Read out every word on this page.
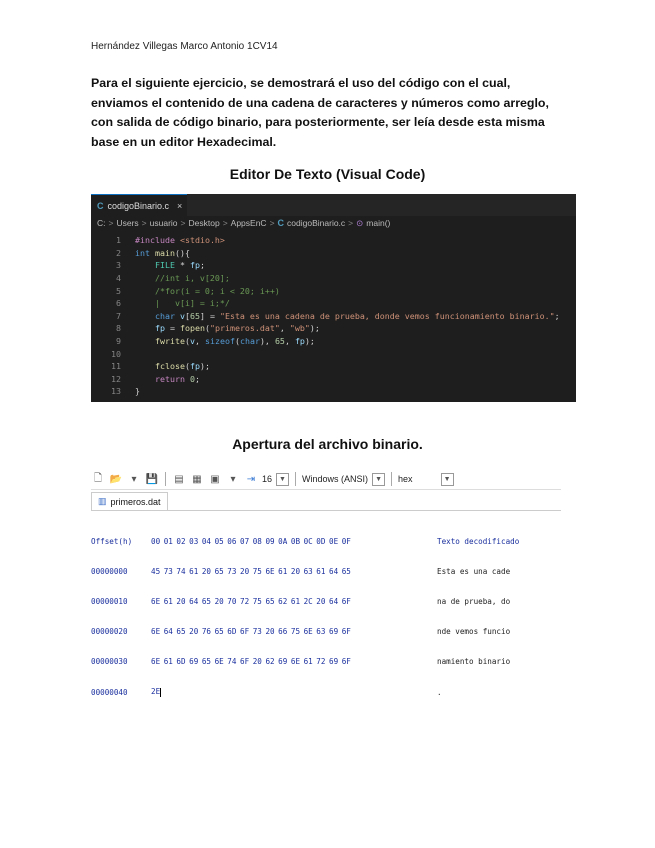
Hernández Villegas Marco Antonio 1CV14

Para el siguiente ejercicio, se demostrará el uso del código con el cual, enviamos el contenido de una cadena de caracteres y números como arreglo, con salida de código binario, para posteriormente, ser leía desde esta misma base en un editor Hexadecimal.

Editor De Texto (Visual Code)
C codigoBinario.c ×
C: > Users > usuario > Desktop > AppsEnC > C codigoBinario.c > ⊙ main()
1	#include <stdio.h>
2	int main(){
3	FILE * fp;
4	//int i, v[20];
5	/*for(i = 0; i < 20; i++)
6	|   v[i] = i;*/
7	char v[65] = "Esta es una cadena de prueba, donde vemos funcionamiento binario.";
8	fp = fopen("primeros.dat", "wb");
9	fwrite(v, sizeof(char), 65, fp);
10
11	fclose(fp);
12	return 0;
13	}
Apertura del archivo binario.
🗋 📂 ▾ 💾 ▤ ▦ ▣	▾	⇥ 16	▼	Windows (ANSI)	▼	hex	▼
▥ primeros.dat

Offset(h)	00 01 02 03 04 05 06 07 08 09 0A 0B 0C 0D 0E 0F	Texto decodificado

00000000	45 73 74 61 20 65 73 20 75 6E 61 20 63 61 64 65	Esta es una cade

00000010	6E 61 20 64 65 20 70 72 75 65 62 61 2C 20 64 6F	na de prueba, do

00000020	6E 64 65 20 76 65 6D 6F 73 20 66 75 6E 63 69 6F	nde vemos funcio

00000030	6E 61 6D 69 65 6E 74 6F 20 62 69 6E 61 72 69 6F	namiento binario

00000040	2E	.
